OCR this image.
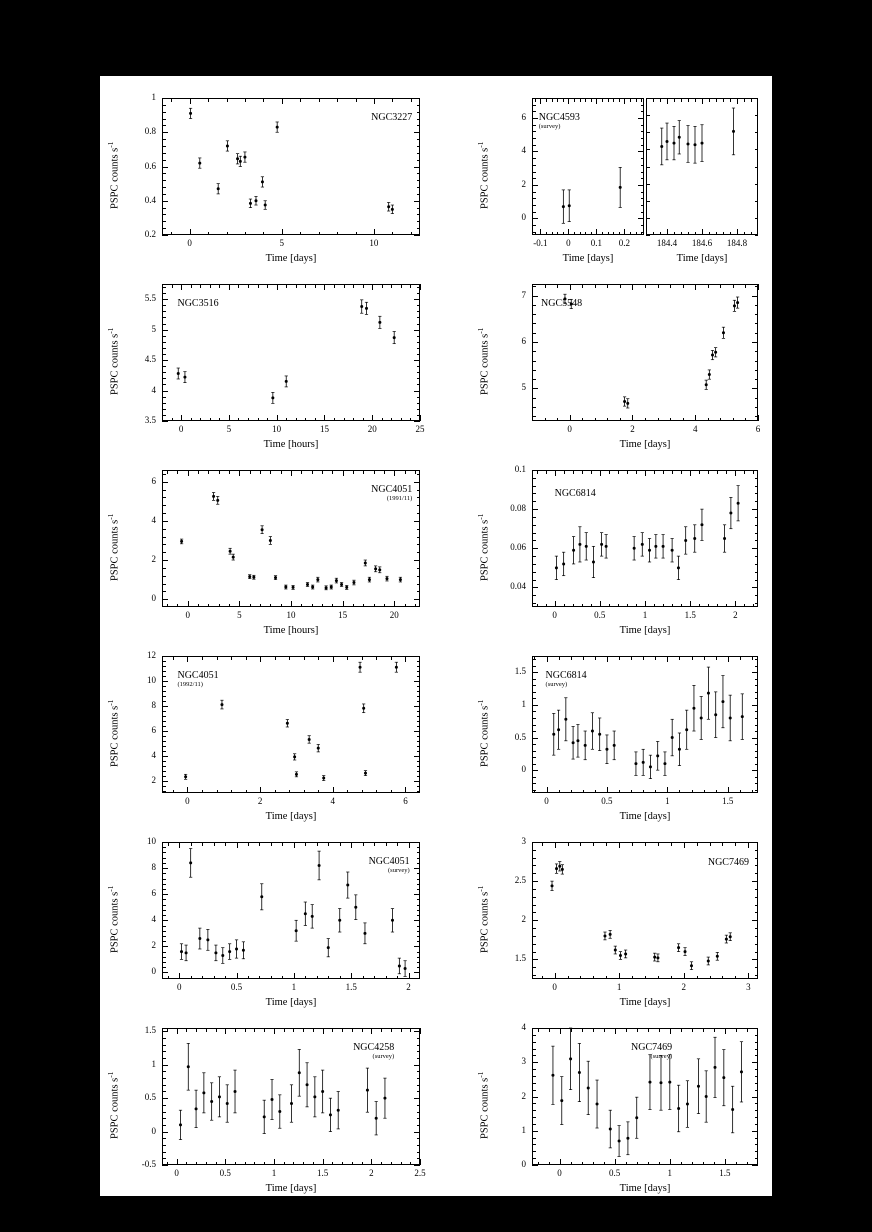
0	5	10
0.2
0.4
0.6
0.8
1
NGC3227
Time [days]
PSPC counts $s^{-1}$
-0.1	0	0.1	0.2
0
2
4
6 NGC4593
(survey)
Time [days]
PSPC counts $s^{-1}$
184.4	184.6	184.8
Time [days]
0	5	10	15	20	25
3.5
4
4.5
5
5.5 NGC3516
Time [hours]
PSPC counts $s^{-1}$
0	2	4	6
5
6
7
NGC5548
Time [days]
PSPC counts $s^{-1}$
0	5	10	15	20
0
2
4
6
NGC4051
(1991/11)
Time [hours]
PSPC counts $s^{-1}$
0	0.5	1	1.5	2
0.04
0.06
0.08
0.1
NGC6814
Time [days]
PSPC counts $s^{-1}$
0	2	4	6
2
4
6
8
10
12
NGC4051
(1992/11)
Time [days]
PSPC counts $s^{-1}$
0	0.5	1	1.5
0
0.5
1
1.5 NGC6814
(survey)
Time [days]
PSPC counts $s^{-1}$
0	0.5	1	1.5	2
0
2
4
6
8
10
NGC4051
(survey)
Time [days]
PSPC counts $s^{-1}$
0	1	2	3
1.5
2
2.5
3
NGC7469
Time [days]
PSPC counts $s^{-1}$
0	0.5	1	1.5	2	2.5
-0.5
0
0.5
1
1.5
NGC4258
(survey)
Time [days]
PSPC counts $s^{-1}$
0	0.5	1	1.5
0
1
2
3
4
NGC7469
(survey)
Time [days]
PSPC counts $s^{-1}$
